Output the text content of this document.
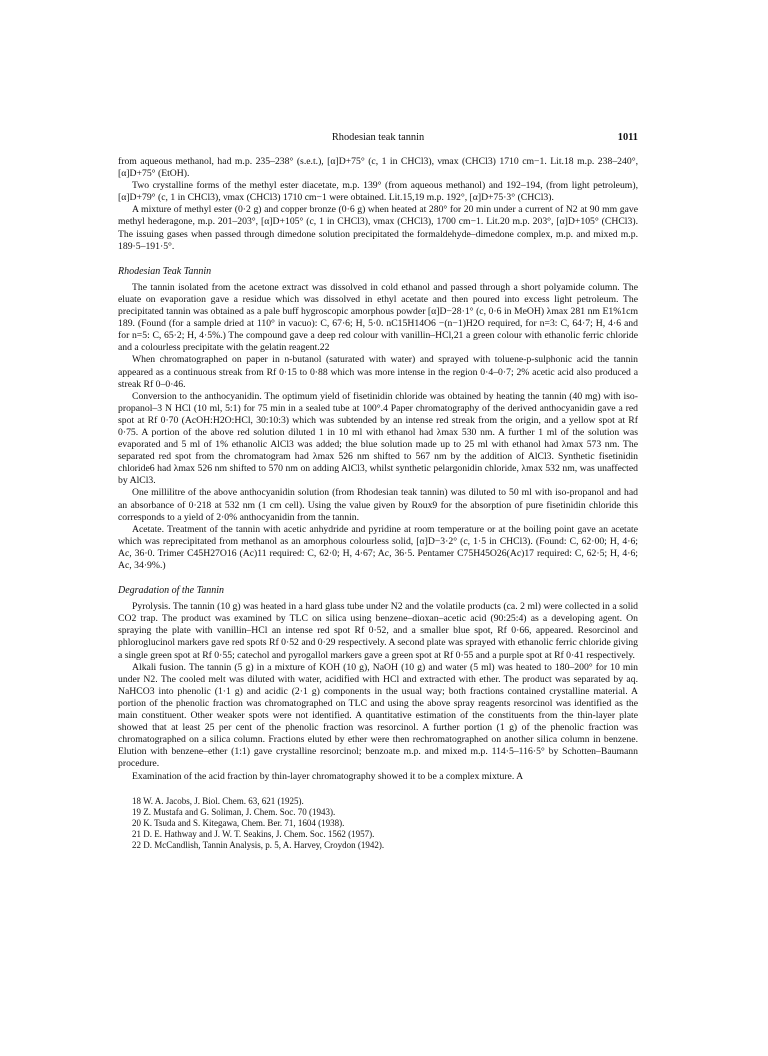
Rhodesian teak tannin	1011

from aqueous methanol, had m.p. 235–238° (s.e.t.), [α]D+75° (c, 1 in CHCl3), νmax (CHCl3) 1710 cm−1. Lit.18 m.p. 238–240°, [α]D+75° (EtOH).

Two crystalline forms of the methyl ester diacetate, m.p. 139° (from aqueous methanol) and 192–194, (from light petroleum), [α]D+79° (c, 1 in CHCl3), νmax (CHCl3) 1710 cm−1 were obtained. Lit.15,19 m.p. 192°, [α]D+75·3° (CHCl3).

A mixture of methyl ester (0·2 g) and copper bronze (0·6 g) when heated at 280° for 20 min under a current of N2 at 90 mm gave methyl hederagone, m.p. 201–203°, [α]D+105° (c, 1 in CHCl3), νmax (CHCl3), 1700 cm−1. Lit.20 m.p. 203°, [α]D+105° (CHCl3). The issuing gases when passed through dimedone solution precipitated the formaldehyde–dimedone complex, m.p. and mixed m.p. 189·5–191·5°.

Rhodesian Teak Tannin

The tannin isolated from the acetone extract was dissolved in cold ethanol and passed through a short polyamide column. The eluate on evaporation gave a residue which was dissolved in ethyl acetate and then poured into excess light petroleum. The precipitated tannin was obtained as a pale buff hygroscopic amorphous powder [α]D−28·1° (c, 0·6 in MeOH) λmax 281 nm E1%1cm 189. (Found (for a sample dried at 110° in vacuo): C, 67·6; H, 5·0. nC15H14O6 −(n−1)H2O required, for n=3: C, 64·7; H, 4·6 and for n=5: C, 65·2; H, 4·5%.) The compound gave a deep red colour with vanillin–HCl,21 a green colour with ethanolic ferric chloride and a colourless precipitate with the gelatin reagent.22

When chromatographed on paper in n-butanol (saturated with water) and sprayed with toluene-p-sulphonic acid the tannin appeared as a continuous streak from Rf 0·15 to 0·88 which was more intense in the region 0·4–0·7; 2% acetic acid also produced a streak Rf 0–0·46.

Conversion to the anthocyanidin. The optimum yield of fisetinidin chloride was obtained by heating the tannin (40 mg) with iso-propanol–3 N HCl (10 ml, 5:1) for 75 min in a sealed tube at 100°.4 Paper chromatography of the derived anthocyanidin gave a red spot at Rf 0·70 (AcOH:H2O:HCl, 30:10:3) which was subtended by an intense red streak from the origin, and a yellow spot at Rf 0·75. A portion of the above red solution diluted 1 in 10 ml with ethanol had λmax 530 nm. A further 1 ml of the solution was evaporated and 5 ml of 1% ethanolic AlCl3 was added; the blue solution made up to 25 ml with ethanol had λmax 573 nm. The separated red spot from the chromatogram had λmax 526 nm shifted to 567 nm by the addition of AlCl3. Synthetic fisetinidin chloride6 had λmax 526 nm shifted to 570 nm on adding AlCl3, whilst synthetic pelargonidin chloride, λmax 532 nm, was unaffected by AlCl3.

One millilitre of the above anthocyanidin solution (from Rhodesian teak tannin) was diluted to 50 ml with iso-propanol and had an absorbance of 0·218 at 532 nm (1 cm cell). Using the value given by Roux9 for the absorption of pure fisetinidin chloride this corresponds to a yield of 2·0% anthocyanidin from the tannin.

Acetate. Treatment of the tannin with acetic anhydride and pyridine at room temperature or at the boiling point gave an acetate which was reprecipitated from methanol as an amorphous colourless solid, [α]D−3·2° (c, 1·5 in CHCl3). (Found: C, 62·00; H, 4·6; Ac, 36·0. Trimer C45H27O16 (Ac)11 required: C, 62·0; H, 4·67; Ac, 36·5. Pentamer C75H45O26(Ac)17 required: C, 62·5; H, 4·6; Ac, 34·9%.)

Degradation of the Tannin

Pyrolysis. The tannin (10 g) was heated in a hard glass tube under N2 and the volatile products (ca. 2 ml) were collected in a solid CO2 trap. The product was examined by TLC on silica using benzene–dioxan–acetic acid (90:25:4) as a developing agent. On spraying the plate with vanillin–HCl an intense red spot Rf 0·52, and a smaller blue spot, Rf 0·66, appeared. Resorcinol and phloroglucinol markers gave red spots Rf 0·52 and 0·29 respectively. A second plate was sprayed with ethanolic ferric chloride giving a single green spot at Rf 0·55; catechol and pyrogallol markers gave a green spot at Rf 0·55 and a purple spot at Rf 0·41 respectively.

Alkali fusion. The tannin (5 g) in a mixture of KOH (10 g), NaOH (10 g) and water (5 ml) was heated to 180–200° for 10 min under N2. The cooled melt was diluted with water, acidified with HCl and extracted with ether. The product was separated by aq. NaHCO3 into phenolic (1·1 g) and acidic (2·1 g) components in the usual way; both fractions contained crystalline material. A portion of the phenolic fraction was chromatographed on TLC and using the above spray reagents resorcinol was identified as the main constituent. Other weaker spots were not identified. A quantitative estimation of the constituents from the thin-layer plate showed that at least 25 per cent of the phenolic fraction was resorcinol. A further portion (1 g) of the phenolic fraction was chromatographed on a silica column. Fractions eluted by ether were then rechromatographed on another silica column in benzene. Elution with benzene–ether (1:1) gave crystalline resorcinol; benzoate m.p. and mixed m.p. 114·5–116·5° by Schotten–Baumann procedure.

Examination of the acid fraction by thin-layer chromatography showed it to be a complex mixture. A

18 W. A. Jacobs, J. Biol. Chem. 63, 621 (1925).
19 Z. Mustafa and G. Soliman, J. Chem. Soc. 70 (1943).
20 K. Tsuda and S. Kitegawa, Chem. Ber. 71, 1604 (1938).
21 D. E. Hathway and J. W. T. Seakins, J. Chem. Soc. 1562 (1957).
22 D. McCandlish, Tannin Analysis, p. 5, A. Harvey, Croydon (1942).
